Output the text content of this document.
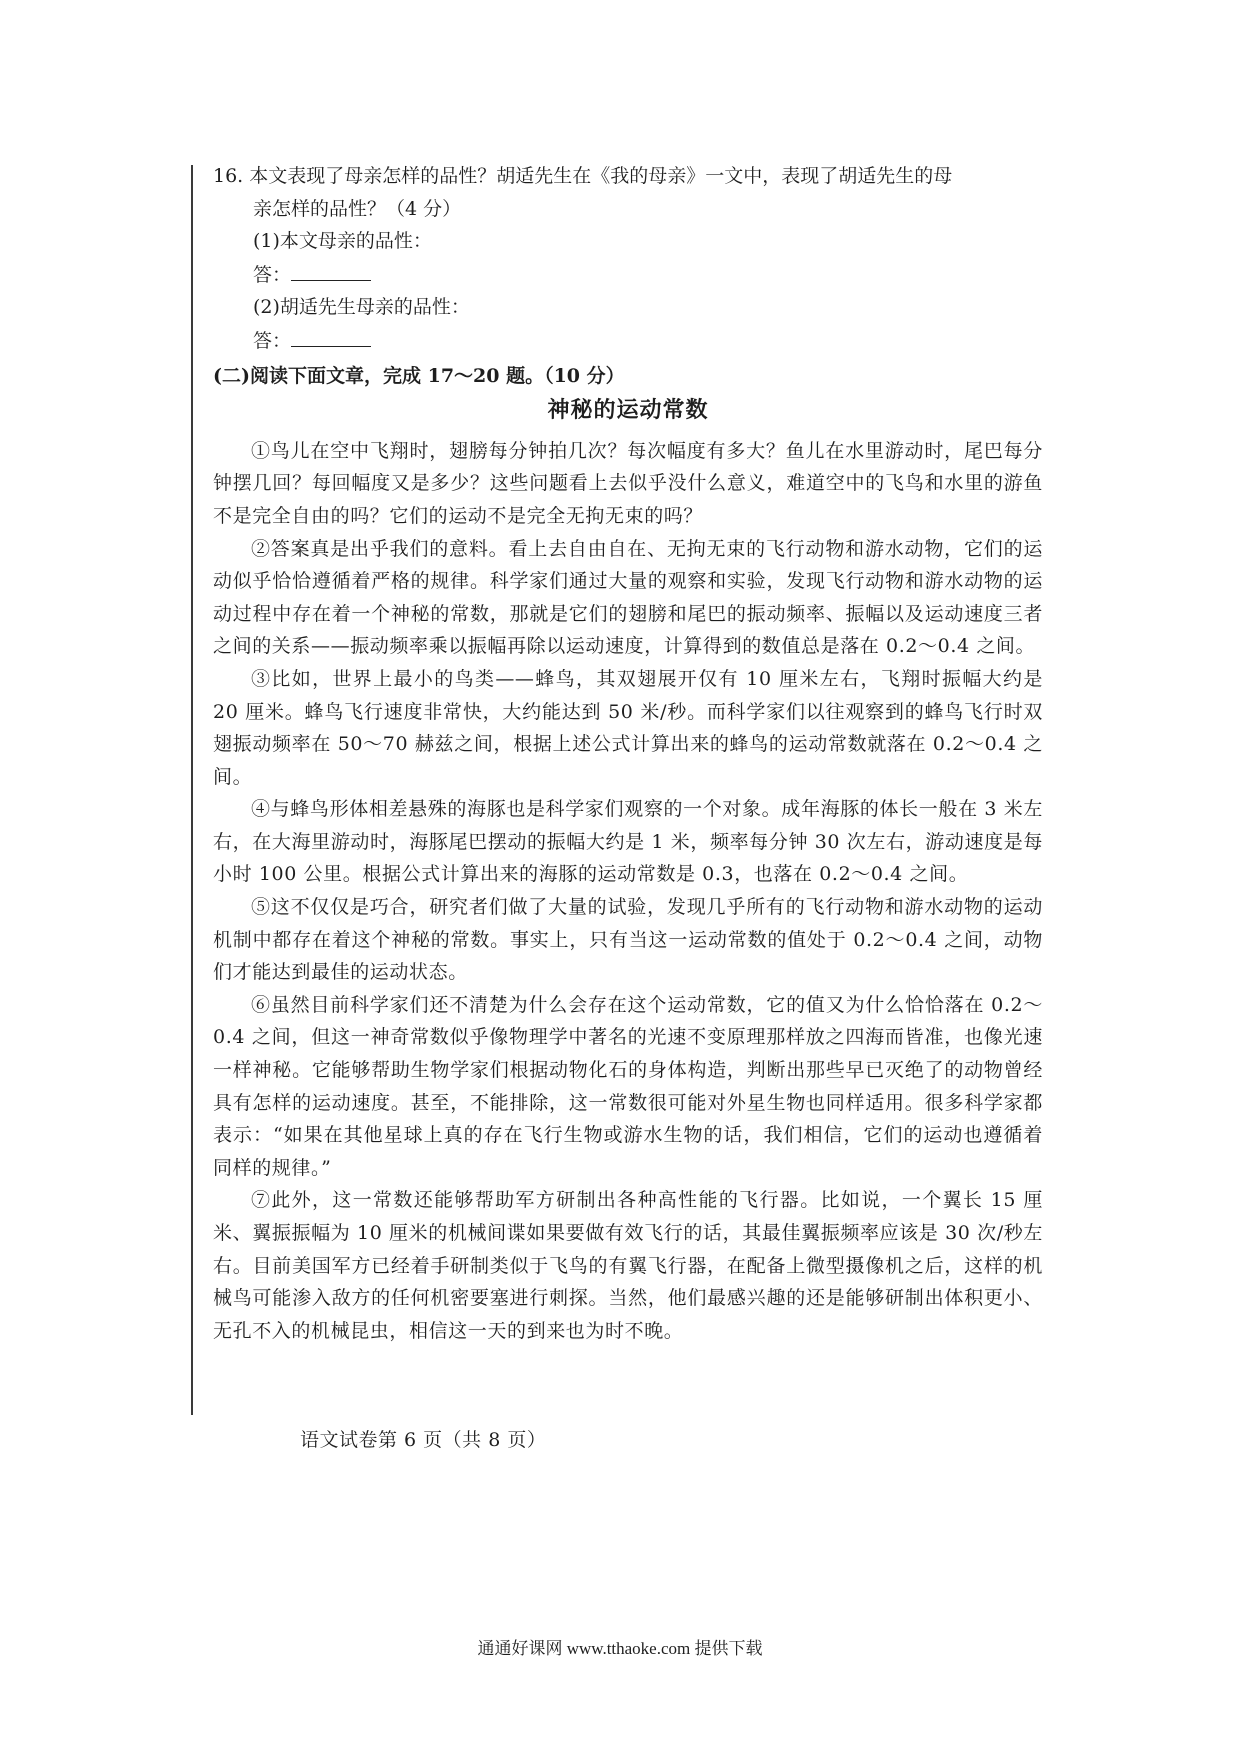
16. 本文表现了母亲怎样的品性？胡适先生在《我的母亲》一文中，表现了胡适先生的母
亲怎样的品性？（4 分）
(1)本文母亲的品性：
答：
(2)胡适先生母亲的品性：
答：
(二)阅读下面文章，完成 17～20 题。（10 分）
神秘的运动常数
①鸟儿在空中飞翔时，翅膀每分钟拍几次？每次幅度有多大？鱼儿在水里游动时，尾巴每分钟摆几回？每回幅度又是多少？这些问题看上去似乎没什么意义，难道空中的飞鸟和水里的游鱼不是完全自由的吗？它们的运动不是完全无拘无束的吗？
②答案真是出乎我们的意料。看上去自由自在、无拘无束的飞行动物和游水动物，它们的运动似乎恰恰遵循着严格的规律。科学家们通过大量的观察和实验，发现飞行动物和游水动物的运动过程中存在着一个神秘的常数，那就是它们的翅膀和尾巴的振动频率、振幅以及运动速度三者之间的关系——振动频率乘以振幅再除以运动速度，计算得到的数值总是落在 0.2～0.4 之间。
③比如，世界上最小的鸟类——蜂鸟，其双翅展开仅有 10 厘米左右，飞翔时振幅大约是 20 厘米。蜂鸟飞行速度非常快，大约能达到 50 米/秒。而科学家们以往观察到的蜂鸟飞行时双翅振动频率在 50～70 赫兹之间，根据上述公式计算出来的蜂鸟的运动常数就落在 0.2～0.4 之间。
④与蜂鸟形体相差悬殊的海豚也是科学家们观察的一个对象。成年海豚的体长一般在 3 米左右，在大海里游动时，海豚尾巴摆动的振幅大约是 1 米，频率每分钟 30 次左右，游动速度是每小时 100 公里。根据公式计算出来的海豚的运动常数是 0.3，也落在 0.2～0.4 之间。
⑤这不仅仅是巧合，研究者们做了大量的试验，发现几乎所有的飞行动物和游水动物的运动机制中都存在着这个神秘的常数。事实上，只有当这一运动常数的值处于 0.2～0.4 之间，动物们才能达到最佳的运动状态。
⑥虽然目前科学家们还不清楚为什么会存在这个运动常数，它的值又为什么恰恰落在 0.2～0.4 之间，但这一神奇常数似乎像物理学中著名的光速不变原理那样放之四海而皆准，也像光速一样神秘。它能够帮助生物学家们根据动物化石的身体构造，判断出那些早已灭绝了的动物曾经具有怎样的运动速度。甚至，不能排除，这一常数很可能对外星生物也同样适用。很多科学家都表示：“如果在其他星球上真的存在飞行生物或游水生物的话，我们相信，它们的运动也遵循着同样的规律。”
⑦此外，这一常数还能够帮助军方研制出各种高性能的飞行器。比如说，一个翼长 15 厘米、翼振振幅为 10 厘米的机械间谍如果要做有效飞行的话，其最佳翼振频率应该是 30 次/秒左右。目前美国军方已经着手研制类似于飞鸟的有翼飞行器，在配备上微型摄像机之后，这样的机械鸟可能渗入敌方的任何机密要塞进行刺探。当然，他们最感兴趣的还是能够研制出体积更小、无孔不入的机械昆虫，相信这一天的到来也为时不晚。
语文试卷第 6 页（共 8 页）
通通好课网 www.tthaoke.com 提供下载
